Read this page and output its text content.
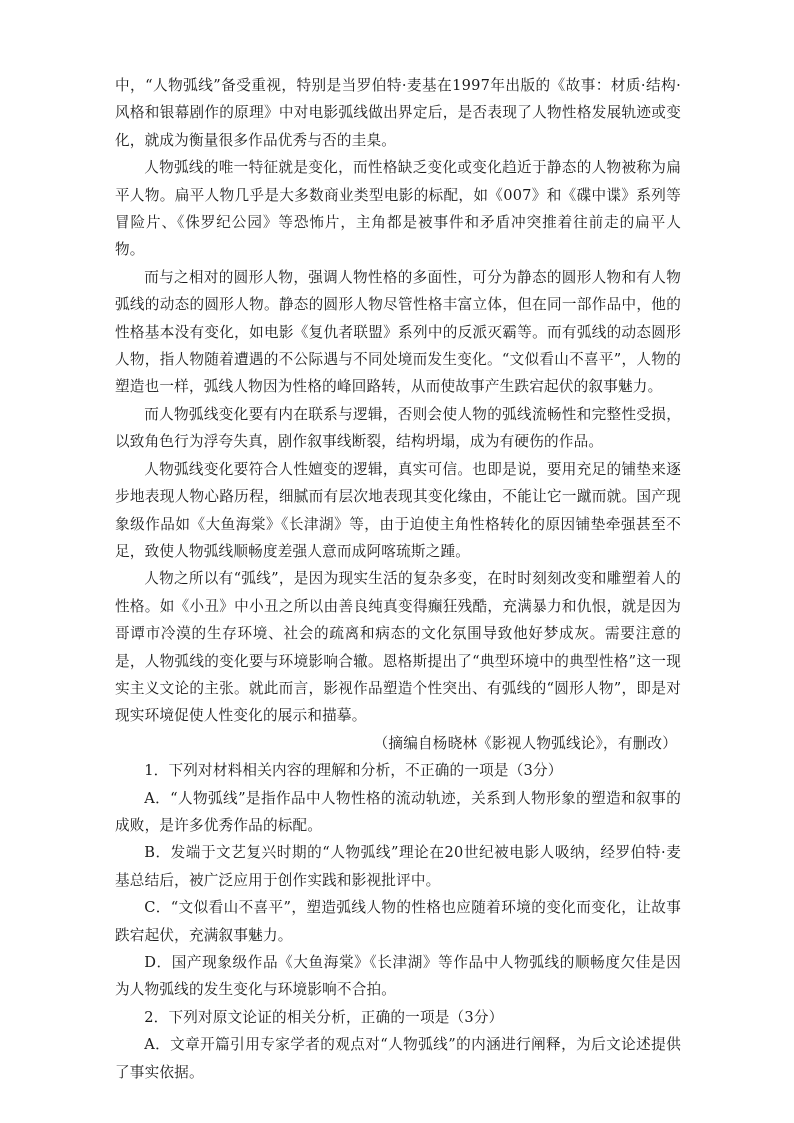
中，“人物弧线”备受重视，特别是当罗伯特·麦基在1997年出版的《故事：材质·结构·风格和银幕剧作的原理》中对电影弧线做出界定后，是否表现了人物性格发展轨迹或变化，就成为衡量很多作品优秀与否的圭臬。

人物弧线的唯一特征就是变化，而性格缺乏变化或变化趋近于静态的人物被称为扁平人物。扁平人物几乎是大多数商业类型电影的标配，如《007》和《碟中谍》系列等冒险片、《侏罗纪公园》等恐怖片，主角都是被事件和矛盾冲突推着往前走的扁平人物。

而与之相对的圆形人物，强调人物性格的多面性，可分为静态的圆形人物和有人物弧线的动态的圆形人物。静态的圆形人物尽管性格丰富立体，但在同一部作品中，他的性格基本没有变化，如电影《复仇者联盟》系列中的反派灭霸等。而有弧线的动态圆形人物，指人物随着遭遇的不公际遇与不同处境而发生变化。“文似看山不喜平”，人物的塑造也一样，弧线人物因为性格的峰回路转，从而使故事产生跌宕起伏的叙事魅力。

而人物弧线变化要有内在联系与逻辑，否则会使人物的弧线流畅性和完整性受损，以致角色行为浮夸失真，剧作叙事线断裂，结构坍塌，成为有硬伤的作品。

人物弧线变化要符合人性嬗变的逻辑，真实可信。也即是说，要用充足的铺垫来逐步地表现人物心路历程，细腻而有层次地表现其变化缘由，不能让它一蹴而就。国产现象级作品如《大鱼海棠》《长津湖》等，由于迫使主角性格转化的原因铺垫牵强甚至不足，致使人物弧线顺畅度差强人意而成阿喀琉斯之踵。

人物之所以有“弧线”，是因为现实生活的复杂多变，在时时刻刻改变和雕塑着人的性格。如《小丑》中小丑之所以由善良纯真变得癫狂残酷，充满暴力和仇恨，就是因为哥谭市冷漠的生存环境、社会的疏离和病态的文化氛围导致他好梦成灰。需要注意的是，人物弧线的变化要与环境影响合辙。恩格斯提出了“典型环境中的典型性格”这一现实主义文论的主张。就此而言，影视作品塑造个性突出、有弧线的“圆形人物”，即是对现实环境促使人性变化的展示和描摹。

（摘编自杨晓林《影视人物弧线论》，有删改）

1．下列对材料相关内容的理解和分析，不正确的一项是（3分）

A．“人物弧线”是指作品中人物性格的流动轨迹，关系到人物形象的塑造和叙事的成败，是许多优秀作品的标配。

B．发端于文艺复兴时期的“人物弧线”理论在20世纪被电影人吸纳，经罗伯特·麦基总结后，被广泛应用于创作实践和影视批评中。

C．“文似看山不喜平”，塑造弧线人物的性格也应随着环境的变化而变化，让故事跌宕起伏，充满叙事魅力。

D．国产现象级作品《大鱼海棠》《长津湖》等作品中人物弧线的顺畅度欠佳是因为人物弧线的发生变化与环境影响不合拍。

2．下列对原文论证的相关分析，正确的一项是（3分）

A．文章开篇引用专家学者的观点对“人物弧线”的内涵进行阐释，为后文论述提供了事实依据。
